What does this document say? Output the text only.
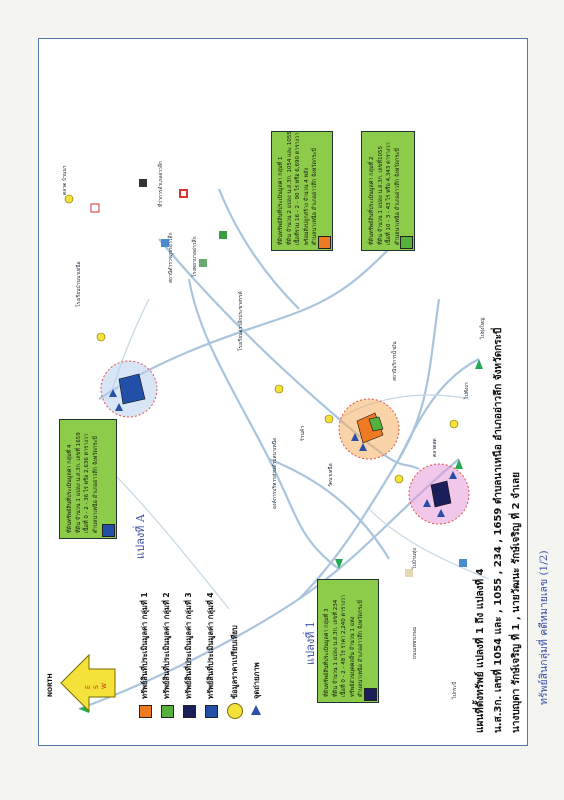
ทรัพย์สินกลุ่มที่ คดีหมายเลข (1/2)
ที่ดินทรัพย์สินที่ประเมินมูลค่า กลุ่มที่ 3 ที่ดิน จำนวน 1 แปลง น.ส.3ก. เลขที่ 234 เนื้อที่ 0 - 2 - 48 ไร่ ราคา 2,240 ตารางวา ทรัพย์ส่วนบุคคลอื่น จำนวน 1 แห่ง ตำบลนาเหนือ อำเภออ่าวลึก จังหวัดกระบี่
ที่ดินทรัพย์สินที่ประเมินมูลค่า กลุ่มที่ 4 ที่ดิน จำนวน 1 แปลง น.ส.3ก. เลขที่ 1659 เนื้อที่ 0 - 2 - 36 ไร่ หรือ 2,636 ตารางวา ตำบลนาเหนือ อำเภออ่าวลึก จังหวัดกระบี่
ที่ดินทรัพย์สินที่ประเมินมูลค่า กลุ่มที่ 1 ที่ดิน จำนวน 2 แปลง น.ส.3ก. 1054 และ 1055 เนื้อที่รวม 16 - 2 - 90 ไร่ หรือ 6,690 ตารางวา พร้อมสิ่งปลูกสร้าง จำนวน 4 หลัง ตำบลนาเหนือ อำเภออ่าวลึก จังหวัดกระบี่	ที่ดินทรัพย์สินที่ประเมินมูลค่า กลุ่มที่ 2 ที่ดิน จำนวน 1 แปลง น.ส.3ก. เลขที่1055 เนื้อที่ 10 - 3 - 43 ไร่ หรือ 4,343 ตารางวา ตำบลนาเหนือ อำเภออ่าวลึก จังหวัดกระบี่
แปลงที่ A
แปลงที่ 1
ตลาด บ้านนา
โรงเรียนบ้านนาเหนือ
ที่ว่าการอำเภออ่าวลึก
สถานีตำรวจภูธรอ่าวลึก	โรงพยาบาลอ่าวลึก
ไปกระบี่
ไปพังงา
ถนนเพชรเกษม
โรงเรียนอ่าวลึกประชาสรรค์
ร้านค้า
วัดนาเหนือ
ไปบ้านทุ่ง
ตลาดสด
ไปทุ่งใหญ่
สถานีบริการน้ำมัน
องค์การบริหารส่วนตำบลนาเหนือ
NORTH	S W
E	ทรัพย์สินที่ประเมินมูลค่า กลุ่มที่ 1 ทรัพย์สินที่ประเมินมูลค่า กลุ่มที่ 2 ทรัพย์สินที่ประเมินมูลค่า กลุ่มที่ 3 ทรัพย์สินที่ประเมินมูลค่า กลุ่มที่ 4 ข้อมูลราคาเปรียบเทียบ จุดถ่ายภาพ	แผนที่ตั้งทรัพย์ แปลงที่ 1 ถึง แปลงที่ 4 น.ส.3ก. เลขที่ 1054 และ , 1055 , 234 , 1659 ตำบลนาเหนือ อำเภออ่าวลึก จังหวัดกระบี่ นางบญุดา รักษ์เจริญ ที่ 1 , นายวัฒนะ รักษ์เจริญ ที่ 2 จำเลย
